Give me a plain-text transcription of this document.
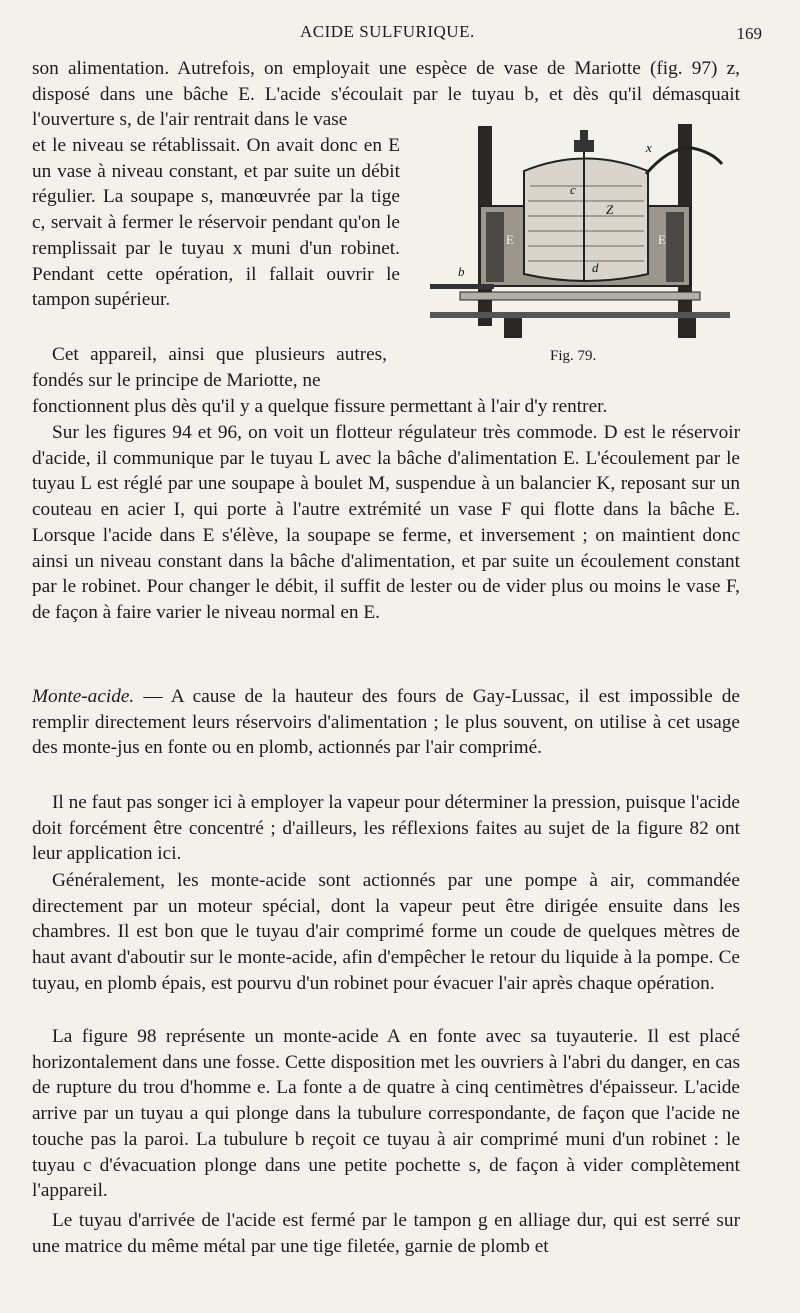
ACIDE SULFURIQUE.	169

son alimentation. Autrefois, on employait une espèce de vase de Mariotte (fig. 97) z, disposé dans une bâche E. L'acide s'écoulait par le tuyau b, et dès qu'il démasquait l'ouverture s, de l'air rentrait dans le vase

et le niveau se rétablissait. On avait donc en E un vase à niveau constant, et par suite un débit régulier. La soupape s, manœuvrée par la tige c, servait à fermer le réservoir pendant qu'on le remplissait par le tuyau x muni d'un robinet. Pendant cette opération, il fallait ouvrir le tampon supérieur.

Cet appareil, ainsi que plusieurs autres, fondés sur le principe de Mariotte, ne

fonctionnent plus dès qu'il y a quelque fissure permettant à l'air d'y rentrer.

Sur les figures 94 et 96, on voit un flotteur régulateur très commode. D est le réservoir d'acide, il communique par le tuyau L avec la bâche d'alimentation E. L'écoulement par le tuyau L est réglé par une soupape à boulet M, suspendue à un balancier K, reposant sur un couteau en acier I, qui porte à l'autre extrémité un vase F qui flotte dans la bâche E. Lorsque l'acide dans E s'élève, la soupape se ferme, et inversement ; on maintient donc ainsi un niveau constant dans la bâche d'alimentation, et par suite un écoulement constant par le robinet. Pour changer le débit, il suffit de lester ou de vider plus ou moins le vase F, de façon à faire varier le niveau normal en E.

Monte-acide. — A cause de la hauteur des fours de Gay-Lussac, il est impossible de remplir directement leurs réservoirs d'alimentation ; le plus souvent, on utilise à cet usage des monte-jus en fonte ou en plomb, actionnés par l'air comprimé.

Il ne faut pas songer ici à employer la vapeur pour déterminer la pression, puisque l'acide doit forcément être concentré ; d'ailleurs, les réflexions faites au sujet de la figure 82 ont leur application ici.

Généralement, les monte-acide sont actionnés par une pompe à air, commandée directement par un moteur spécial, dont la vapeur peut être dirigée ensuite dans les chambres. Il est bon que le tuyau d'air comprimé forme un coude de quelques mètres de haut avant d'aboutir sur le monte-acide, afin d'empêcher le retour du liquide à la pompe. Ce tuyau, en plomb épais, est pourvu d'un robinet pour évacuer l'air après chaque opération.

La figure 98 représente un monte-acide A en fonte avec sa tuyauterie. Il est placé horizontalement dans une fosse. Cette disposition met les ouvriers à l'abri du danger, en cas de rupture du trou d'homme e. La fonte a de quatre à cinq centimètres d'épaisseur. L'acide arrive par un tuyau a qui plonge dans la tubulure correspondante, de façon que l'acide ne touche pas la paroi. La tubulure b reçoit ce tuyau à air comprimé muni d'un robinet : le tuyau c d'évacuation plonge dans une petite pochette s, de façon à vider complètement l'appareil.

Le tuyau d'arrivée de l'acide est fermé par le tampon g en alliage dur, qui est serré sur une matrice du même métal par une tige filetée, garnie de plomb et

x
c
Z
E	E
b	d
Fig. 79.
